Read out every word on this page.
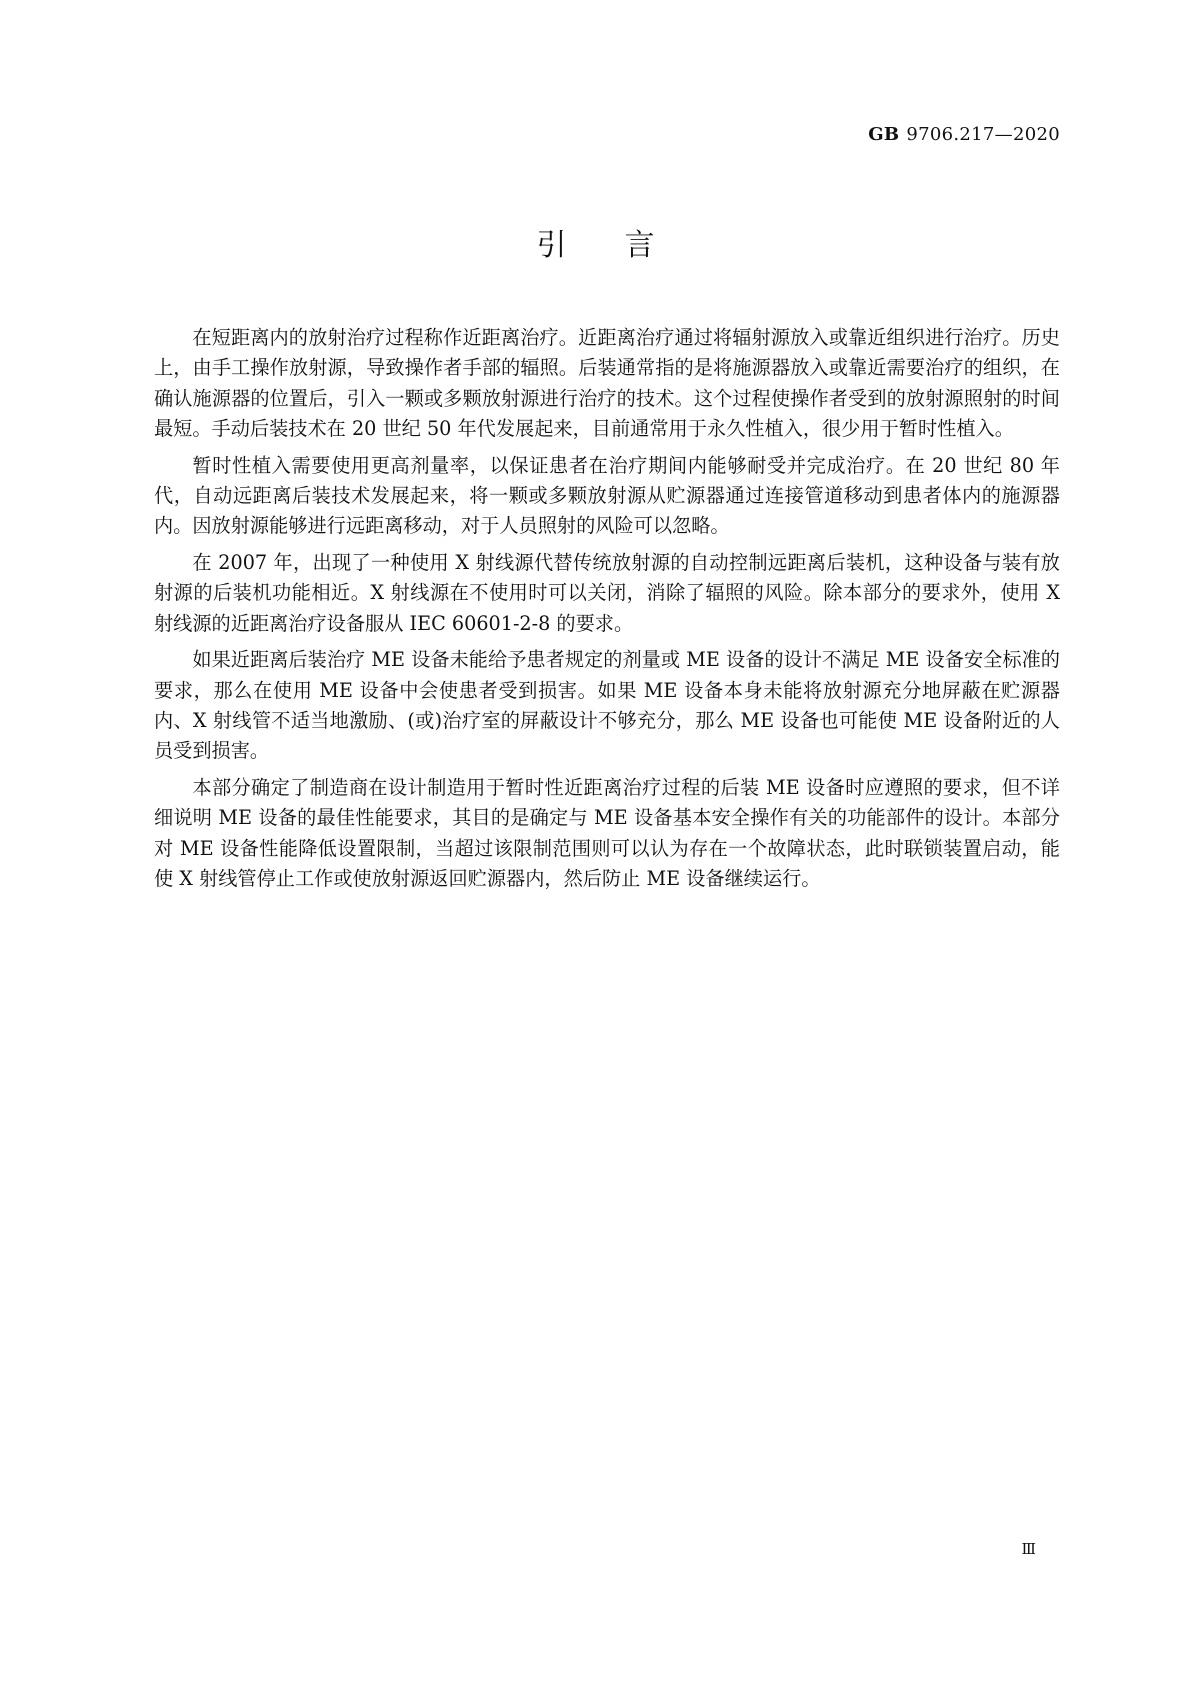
GB 9706.217—2020
引言

在短距离内的放射治疗过程称作近距离治疗。近距离治疗通过将辐射源放入或靠近组织进行治疗。历史上，由手工操作放射源，导致操作者手部的辐照。后装通常指的是将施源器放入或靠近需要治疗的组织，在确认施源器的位置后，引入一颗或多颗放射源进行治疗的技术。这个过程使操作者受到的放射源照射的时间最短。手动后装技术在 20 世纪 50 年代发展起来，目前通常用于永久性植入，很少用于暂时性植入。

暂时性植入需要使用更高剂量率，以保证患者在治疗期间内能够耐受并完成治疗。在 20 世纪 80 年代，自动远距离后装技术发展起来，将一颗或多颗放射源从贮源器通过连接管道移动到患者体内的施源器内。因放射源能够进行远距离移动，对于人员照射的风险可以忽略。

在 2007 年，出现了一种使用 X 射线源代替传统放射源的自动控制远距离后装机，这种设备与装有放射源的后装机功能相近。X 射线源在不使用时可以关闭，消除了辐照的风险。除本部分的要求外，使用 X 射线源的近距离治疗设备服从 IEC 60601-2-8 的要求。

如果近距离后装治疗 ME 设备未能给予患者规定的剂量或 ME 设备的设计不满足 ME 设备安全标准的要求，那么在使用 ME 设备中会使患者受到损害。如果 ME 设备本身未能将放射源充分地屏蔽在贮源器内、X 射线管不适当地激励、(或)治疗室的屏蔽设计不够充分，那么 ME 设备也可能使 ME 设备附近的人员受到损害。

本部分确定了制造商在设计制造用于暂时性近距离治疗过程的后装 ME 设备时应遵照的要求，但不详细说明 ME 设备的最佳性能要求，其目的是确定与 ME 设备基本安全操作有关的功能部件的设计。本部分对 ME 设备性能降低设置限制，当超过该限制范围则可以认为存在一个故障状态，此时联锁装置启动，能使 X 射线管停止工作或使放射源返回贮源器内，然后防止 ME 设备继续运行。

Ⅲ
